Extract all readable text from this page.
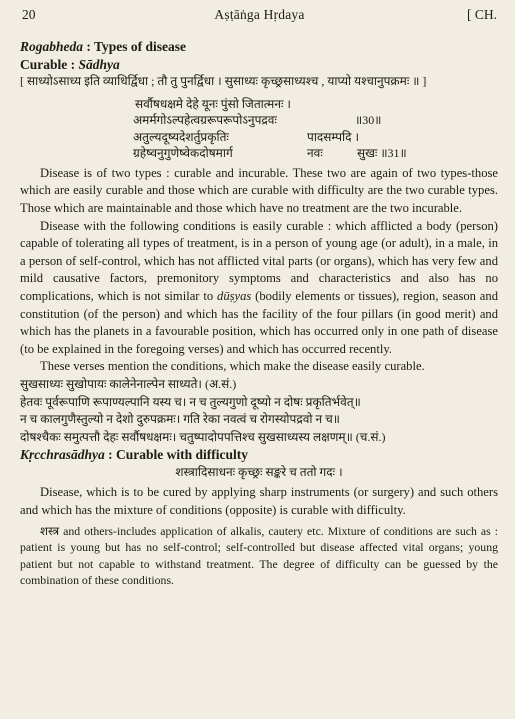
20	Aṣṭāṅga Hṛdaya	[ CH.

Rogabheda : Types of disease

Curable : Sādhya

[ साध्योऽसाध्य इति व्याधिर्द्विधा ; तौ तु पुनर्द्विधा । सुसाध्यः कृच्छ्रसाध्यश्च , याप्यो यश्चानुपक्रमः ॥ ]

सर्वौषधक्षमे देहे यूनः पुंसो जितात्मनः ।
अमर्मगोऽल्पहेत्वग्ररूपरूपोऽनुपद्रवः	॥30॥
अतुल्यदूष्यदेशर्तुप्रकृतिः	पादसम्पदि ।
ग्रहेष्वनुगुणेष्वेकदोषमार्ग	नवः	सुखः ॥31॥

Disease is of two types : curable and incurable. These two are again of two types-those which are easily curable and those which are curable with difficulty are the two curable types. Those which are maintainable and those which have no treatment are the two incurable.

Disease with the following conditions is easily curable : which afflicted a body (person) capable of tolerating all types of treatment, is in a person of young age (or adult), in a male, in a person of self-control, which has not afflicted vital parts (or organs), which has very few and mild causative factors, premonitory symptoms and characteristics and also has no complications, which is not similar to dūṣyas (bodily elements or tissues), region, season and constitution (of the person) and which has the facility of the four pillars (in good merit) and which has the planets in a favourable position, which has occurred only in one path of disease (to be explained in the foregoing verses) and which has occurred recently.

These verses mention the conditions, which make the disease easily curable.

सुखसाध्यः सुखोपायः कालेनेनाल्पेन साध्यते। (अ.सं.)

हेतवः पूर्वरूपाणि रूपाण्यल्पानि यस्य च। न च तुल्यगुणो दूष्यो न दोषः प्रकृतिर्भवेत्॥

न च कालगुणैस्तुल्यो न देशो दुरुपक्रमः। गति रेका नवत्वं च रोगस्योपद्रवो न च॥

दोषश्चैकः समुत्पत्तौ देहः सर्वौषधक्षमः। चतुष्पादोपपत्तिश्च सुखसाध्यस्य लक्षणम्॥ (च.सं.)

Kṛcchrasādhya : Curable with difficulty

शस्त्रादिसाधनः कृच्छ्रः सङ्करे च ततो गदः ।

Disease, which is to be cured by applying sharp instruments (or surgery) and such others and which has the mixture of conditions (opposite) is curable with difficulty.

शस्त्र and others-includes application of alkalis, cautery etc. Mixture of conditions are such as : patient is young but has no self-control; self-controlled but disease affected vital organs; young patient but not capable to withstand treatment. The degree of difficulty can be guessed by the combination of these conditions.
